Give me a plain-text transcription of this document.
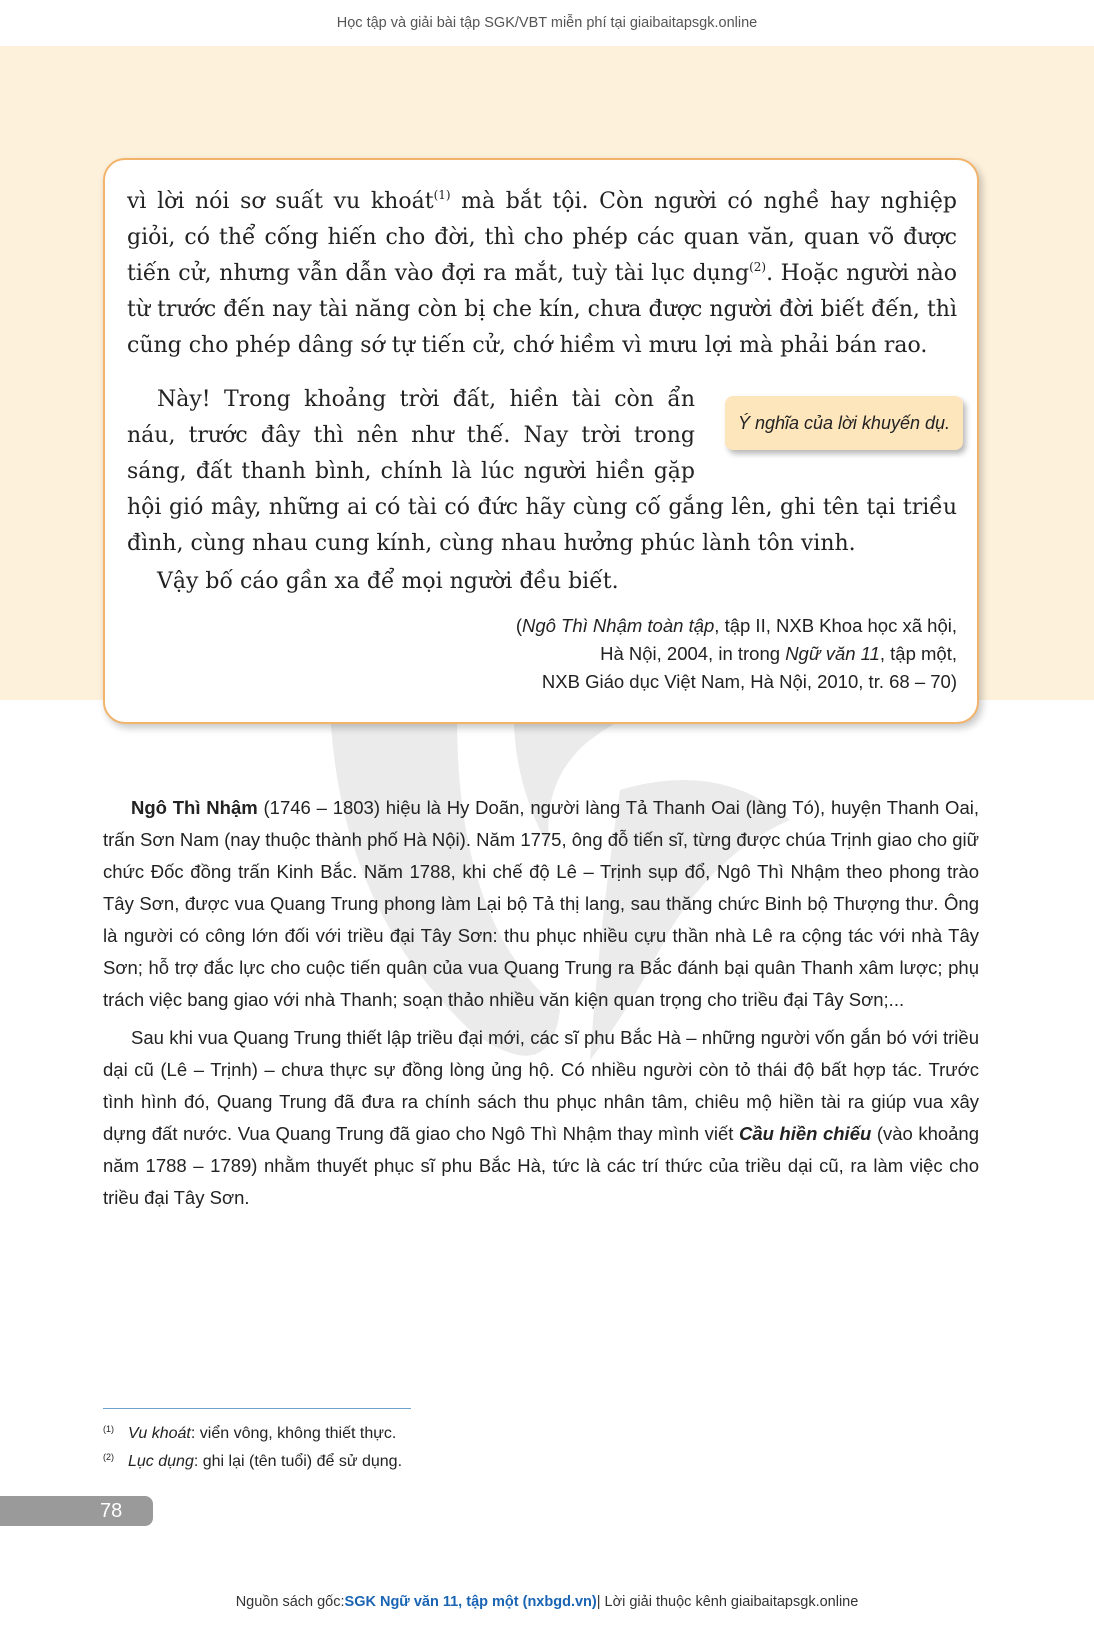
Học tập và giải bài tập SGK/VBT miễn phí tại giaibaitapsgk.online

vì lời nói sơ suất vu khoát$^{(1)}$ mà bắt tội. Còn người có nghề hay nghiệp giỏi, có thể cống hiến cho đời, thì cho phép các quan văn, quan võ được tiến cử, nhưng vẫn dẫn vào đợi ra mắt, tuỳ tài lục dụng$^{(2)}$. Hoặc người nào từ trước đến nay tài năng còn bị che kín, chưa được người đời biết đến, thì cũng cho phép dâng sớ tự tiến cử, chớ hiềm vì mưu lợi mà phải bán rao.

Này! Trong khoảng trời đất, hiền tài còn ẩn náu, trước đây thì nên như thế. Nay trời trong sáng, đất thanh bình, chính là lúc người hiền gặp hội gió mây, những ai có tài có đức hãy cùng cố gắng lên, ghi tên tại triều đình, cùng nhau cung kính, cùng nhau hưởng phúc lành tôn vinh.

Ý nghĩa của lời khuyến dụ.

Vậy bố cáo gần xa để mọi người đều biết.

(Ngô Thì Nhậm toàn tập, tập II, NXB Khoa học xã hội,
Hà Nội, 2004, in trong Ngữ văn 11, tập một,
NXB Giáo dục Việt Nam, Hà Nội, 2010, tr. 68 – 70)

Ngô Thì Nhậm (1746 – 1803) hiệu là Hy Doãn, người làng Tả Thanh Oai (làng Tó), huyện Thanh Oai, trấn Sơn Nam (nay thuộc thành phố Hà Nội). Năm 1775, ông đỗ tiến sĩ, từng được chúa Trịnh giao cho giữ chức Đốc đồng trấn Kinh Bắc. Năm 1788, khi chế độ Lê – Trịnh sụp đổ, Ngô Thì Nhậm theo phong trào Tây Sơn, được vua Quang Trung phong làm Lại bộ Tả thị lang, sau thăng chức Binh bộ Thượng thư. Ông là người có công lớn đối với triều đại Tây Sơn: thu phục nhiều cựu thần nhà Lê ra cộng tác với nhà Tây Sơn; hỗ trợ đắc lực cho cuộc tiến quân của vua Quang Trung ra Bắc đánh bại quân Thanh xâm lược; phụ trách việc bang giao với nhà Thanh; soạn thảo nhiều văn kiện quan trọng cho triều đại Tây Sơn;...

Sau khi vua Quang Trung thiết lập triều đại mới, các sĩ phu Bắc Hà – những người vốn gắn bó với triều dại cũ (Lê – Trịnh) – chưa thực sự đồng lòng ủng hộ. Có nhiều người còn tỏ thái độ bất hợp tác. Trước tình hình đó, Quang Trung đã đưa ra chính sách thu phục nhân tâm, chiêu mộ hiền tài ra giúp vua xây dựng đất nước. Vua Quang Trung đã giao cho Ngô Thì Nhậm thay mình viết Cầu hiền chiếu (vào khoảng năm 1788 – 1789) nhằm thuyết phục sĩ phu Bắc Hà, tức là các trí thức của triều dại cũ, ra làm việc cho triều đại Tây Sơn.

$^{(1)}$ Vu khoát: viển vông, không thiết thực.
$^{(2)}$ Lục dụng: ghi lại (tên tuổi) để sử dụng.
78
Nguồn sách gốc: SGK Ngữ văn 11, tập một (nxbgd.vn) | Lời giải thuộc kênh giaibaitapsgk.online
